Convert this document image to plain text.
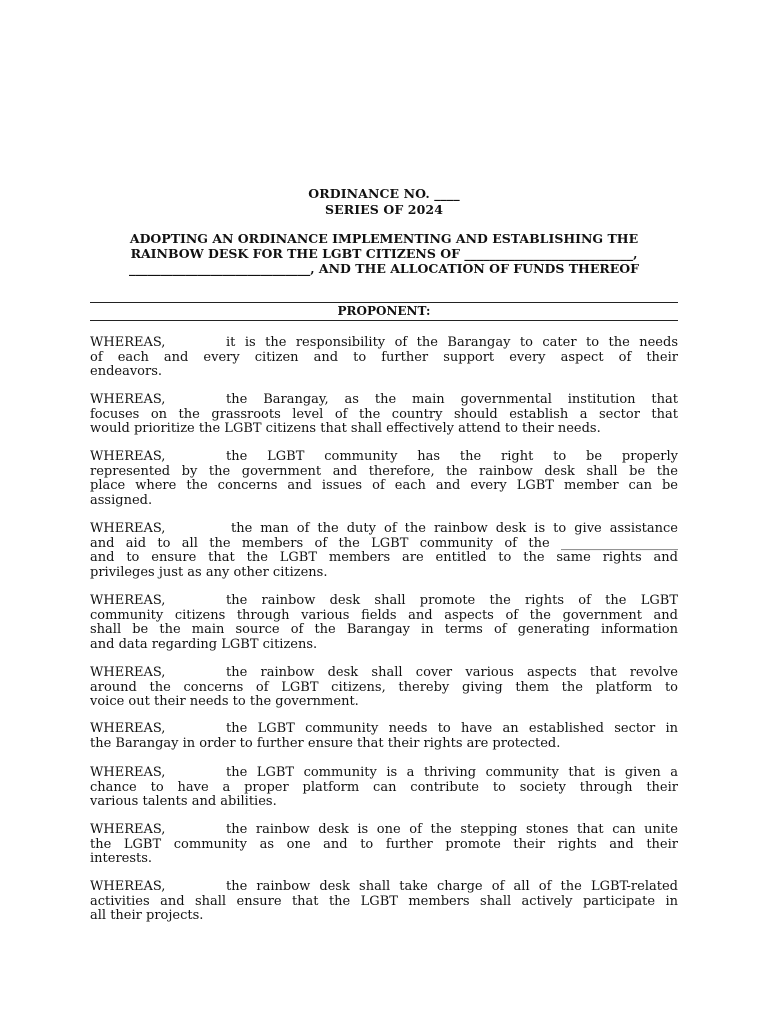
ORDINANCE NO. ____
SERIES OF 2024
ADOPTING AN ORDINANCE IMPLEMENTING AND ESTABLISHING THE
RAINBOW DESK FOR THE LGBT CITIZENS OF ___________________________,
_____________________________, AND THE ALLOCATION OF FUNDS THEREOF
PROPONENT:
WHEREAS,	it is the responsibility of the Barangay to cater to the needs
of each and every citizen and to further support every aspect of their
endeavors.
WHEREAS,	the Barangay, as the main governmental institution that
focuses on the grassroots level of the country should establish a sector that
would prioritize the LGBT citizens that shall effectively attend to their needs.
WHEREAS,	the LGBT community has the right to be properly
represented by the government and therefore, the rainbow desk shall be the
place where the concerns and issues of each and every LGBT member can be
assigned.
WHEREAS,	the man of the duty of the rainbow desk is to give assistance
and aid to all the members of the LGBT community of the __________________
and to ensure that the LGBT members are entitled to the same rights and
privileges just as any other citizens.
WHEREAS,	the rainbow desk shall promote the rights of the LGBT
community citizens through various fields and aspects of the government and
shall be the main source of the Barangay in terms of generating information
and data regarding LGBT citizens.
WHEREAS,	the rainbow desk shall cover various aspects that revolve
around the concerns of LGBT citizens, thereby giving them the platform to
voice out their needs to the government.
WHEREAS,	the LGBT community needs to have an established sector in
the Barangay in order to further ensure that their rights are protected.
WHEREAS,	the LGBT community is a thriving community that is given a
chance to have a proper platform can contribute to society through their
various talents and abilities.
WHEREAS,	the rainbow desk is one of the stepping stones that can unite
the LGBT community as one and to further promote their rights and their
interests.
WHEREAS,	the rainbow desk shall take charge of all of the LGBT-related
activities and shall ensure that the LGBT members shall actively participate in
all their projects.
